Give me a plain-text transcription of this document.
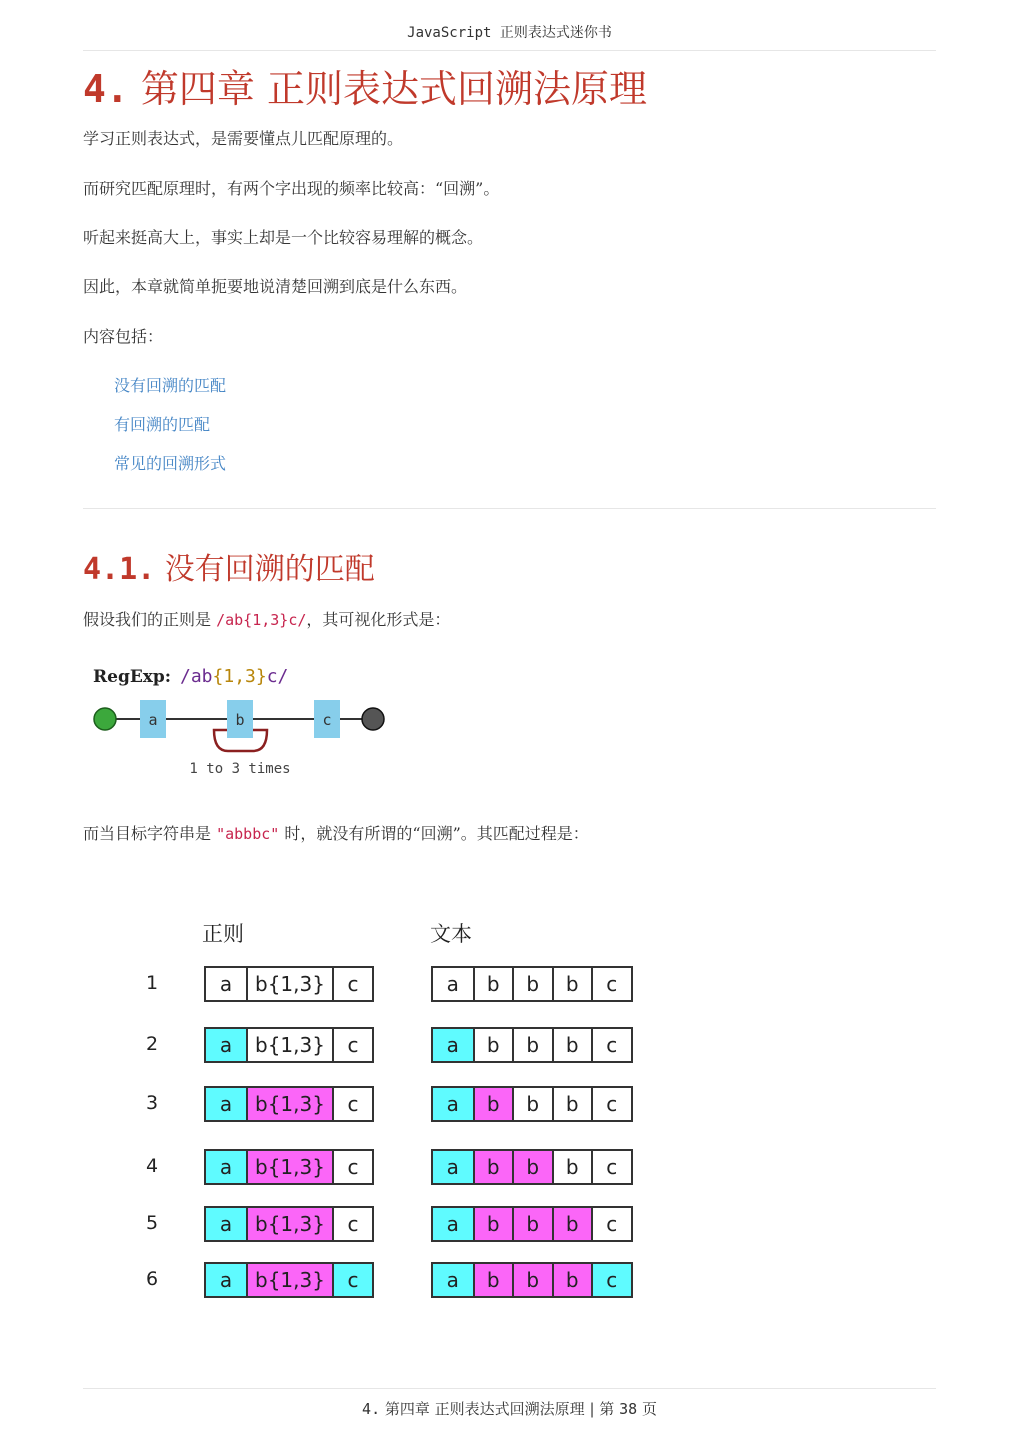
JavaScript 正则表达式迷你书
4. 第四章 正则表达式回溯法原理

学习正则表达式，是需要懂点儿匹配原理的。

而研究匹配原理时，有两个字出现的频率比较高：“回溯”。

听起来挺高大上，事实上却是一个比较容易理解的概念。

因此，本章就简单扼要地说清楚回溯到底是什么东西。

内容包括：

没有回溯的匹配
有回溯的匹配
常见的回溯形式
4.1. 没有回溯的匹配

假设我们的正则是 /ab{1,3}c/，其可视化形式是：

RegExp: /ab{1,3}c/
a	b	c
1 to 3 times

而当目标字符串是 "abbbc" 时，就没有所谓的“回溯”。其匹配过程是：

正则	文本
1	a	b{1,3}	c	a	b	b	b	c
2	a	b{1,3}	c	a	b	b	b	c
3	a	b{1,3}	c	a	b	b	b	c
4	a	b{1,3}	c	a	b	b	b	c
5	a	b{1,3}	c	a	b	b	b	c
6	a	b{1,3}	c	a	b	b	b	c
4. 第四章 正则表达式回溯法原理 | 第 38 页
